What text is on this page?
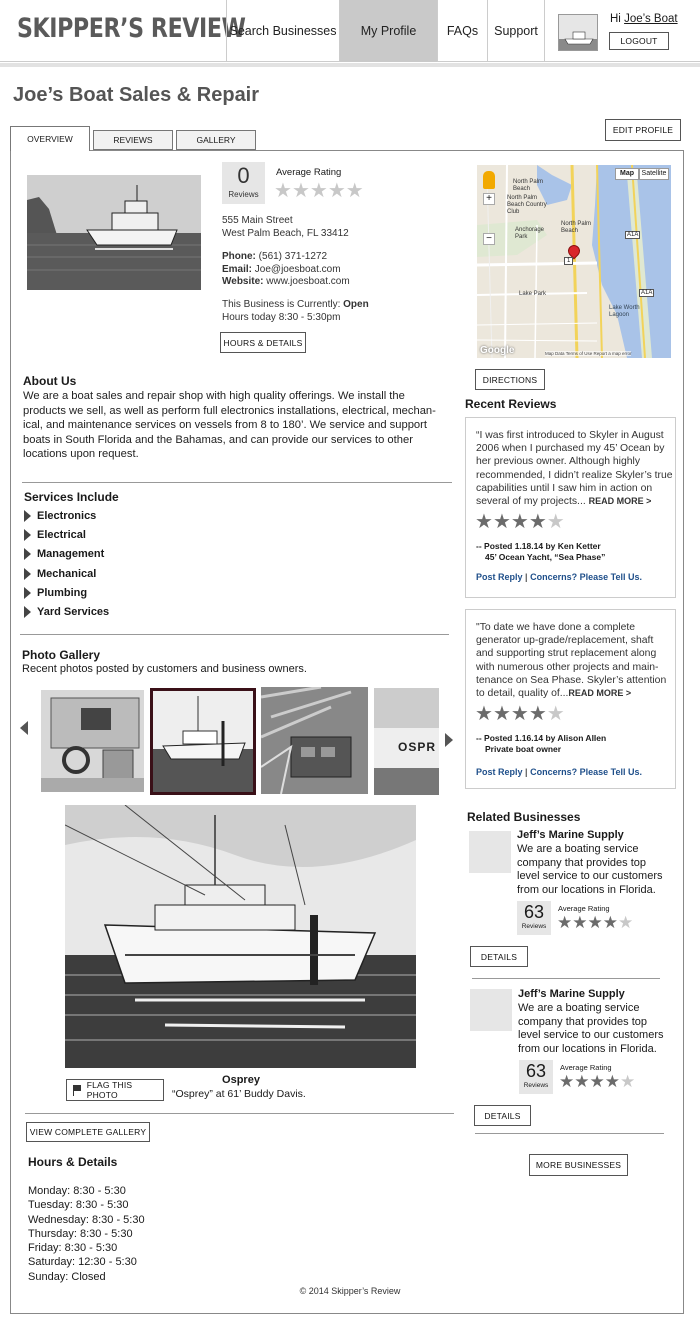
SKIPPER’S REVIEW
Search Businesses	My Profile	FAQs	Support
Hi Joe’s Boat
LOGOUT
Joe’s Boat Sales & Repair
OVERVIEW	REVIEWS	GALLERY
EDIT PROFILE
0
Reviews
Average Rating
★★★★★
555 Main Street
West Palm Beach, FL 33412
Phone: (561) 371-1272
Email: Joe@joesboat.com
Website: www.joesboat.com
This Business is Currently: Open
Hours today 8:30 - 5:30pm
HOURS & DETAILS
About Us
We are a boat sales and repair shop with high quality offerings. We install the
products we sell, as well as perform full electronics installations, electrical, mechan-
ical, and maintenance services on vessels from 8 to 180’. We service and support
boats in South Florida and the Bahamas, and can provide our services to other
locations upon request.
Services Include
Electronics
Electrical
Management
Mechanical
Plumbing
Yard Services
Photo Gallery
Recent photos posted by customers and business owners.
OSPR
FLAG THIS PHOTO
Osprey
“Osprey” at 61’ Buddy Davis.
VIEW COMPLETE GALLERY
Hours & Details
Monday: 8:30 - 5:30
Tuesday: 8:30 - 5:30
Wednesday: 8:30 - 5:30
Thursday: 8:30 - 5:30
Friday: 8:30 - 5:30
Saturday: 12:30 - 5:30
Sunday: Closed
© 2014 Skipper’s Review
+
−
Map	Satellite
North Palm Beach
North Palm Beach Country Club
North Palm Beach
Anchorage Park
Lake Park
Lake Worth Lagoon
Google	Map Data Terms of Use Report a map error
1
A1A
A1A
DIRECTIONS
Recent Reviews
“I was first introduced to Skyler in August
2006 when I purchased my 45’ Ocean by
her previous owner. Although highly
recommended, I didn’t realize Skyler’s true
capabilities until I saw him in action on
several of my projects... READ MORE >
★★★★★
-- Posted 1.18.14 by Ken Ketter
45’ Ocean Yacht, “Sea Phase”
Post Reply | Concerns? Please Tell Us.
"To date we have done a complete
generator up-grade/replacement, shaft
and supporting strut replacement along
with numerous other projects and main-
tenance on Sea Phase. Skyler’s attention
to detail, quality of...READ MORE >
★★★★★
-- Posted 1.16.14 by Alison Allen
Private boat owner
Post Reply | Concerns? Please Tell Us.
Related Businesses
Jeff’s Marine Supply
We are a boating service
company that provides top
level service to our customers
from our locations in Florida.
63
Reviews
Average Rating
★★★★★
DETAILS
Jeff’s Marine Supply
We are a boating service
company that provides top
level service to our customers
from our locations in Florida.
63
Reviews
Average Rating
★★★★★
DETAILS
MORE BUSINESSES
